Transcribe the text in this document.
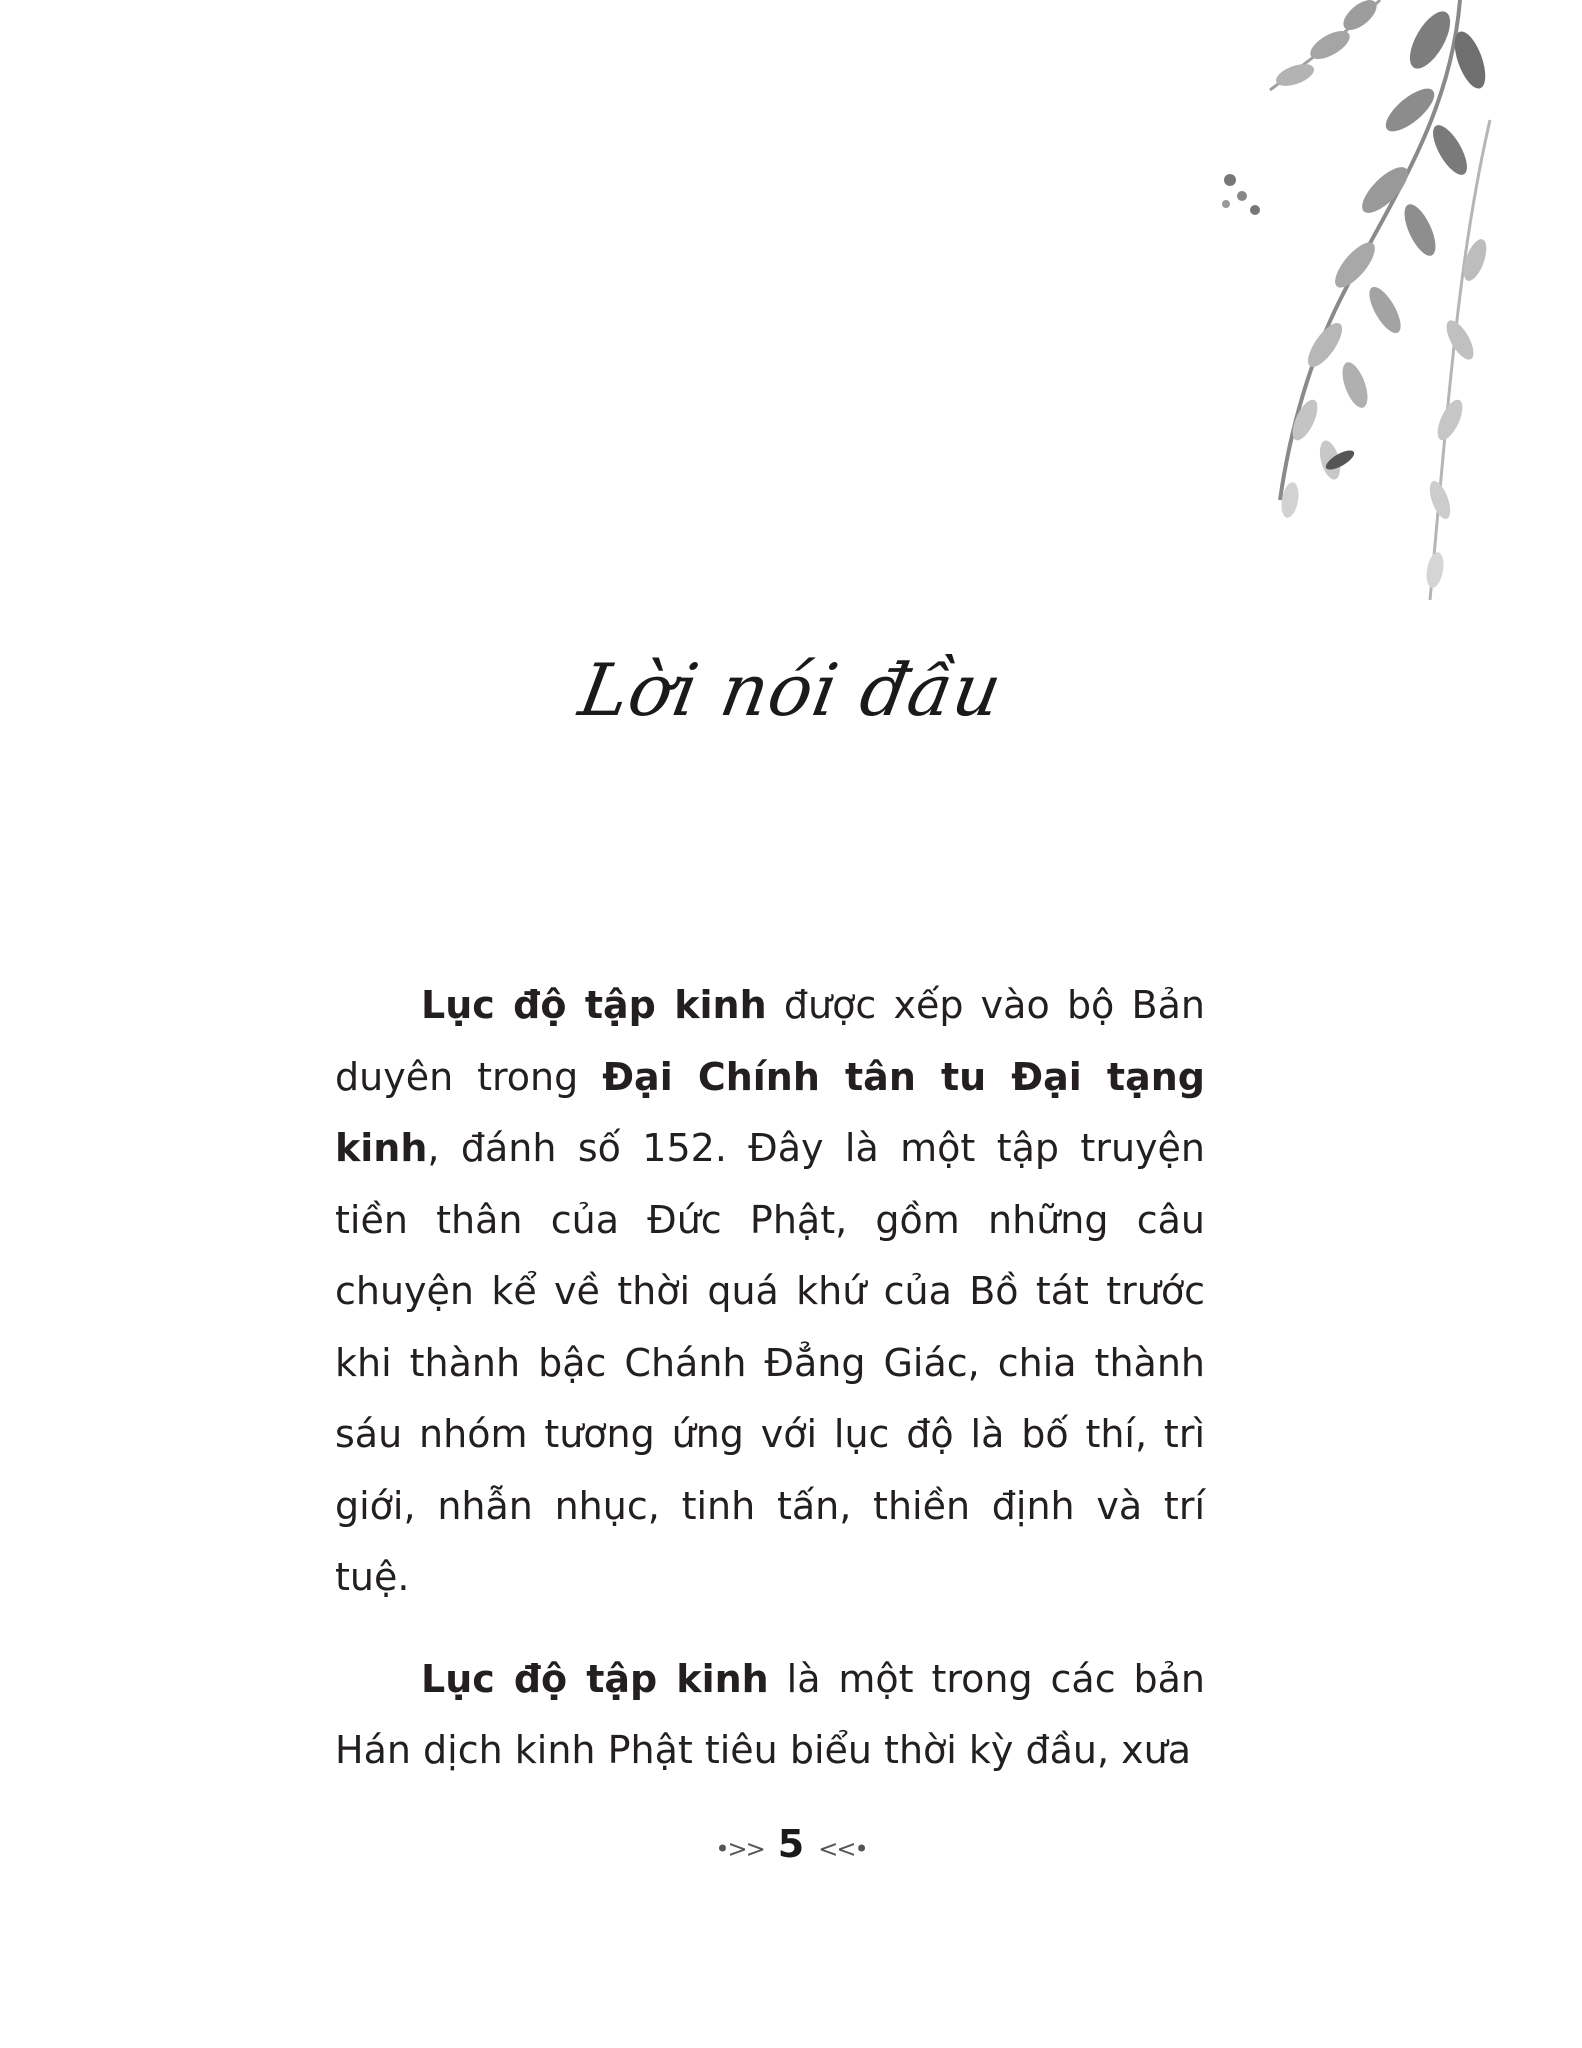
Lời nói đầu

Lục độ tập kinh được xếp vào bộ Bản duyên trong Đại Chính tân tu Đại tạng kinh, đánh số 152. Đây là một tập truyện tiền thân của Đức Phật, gồm những câu chuyện kể về thời quá khứ của Bồ tát trước khi thành bậc Chánh Đẳng Giác, chia thành sáu nhóm tương ứng với lục độ là bố thí, trì giới, nhẫn nhục, tinh tấn, thiền định và trí tuệ.

Lục độ tập kinh là một trong các bản Hán dịch kinh Phật tiêu biểu thời kỳ đầu, xưa

•>> 5 <<•
